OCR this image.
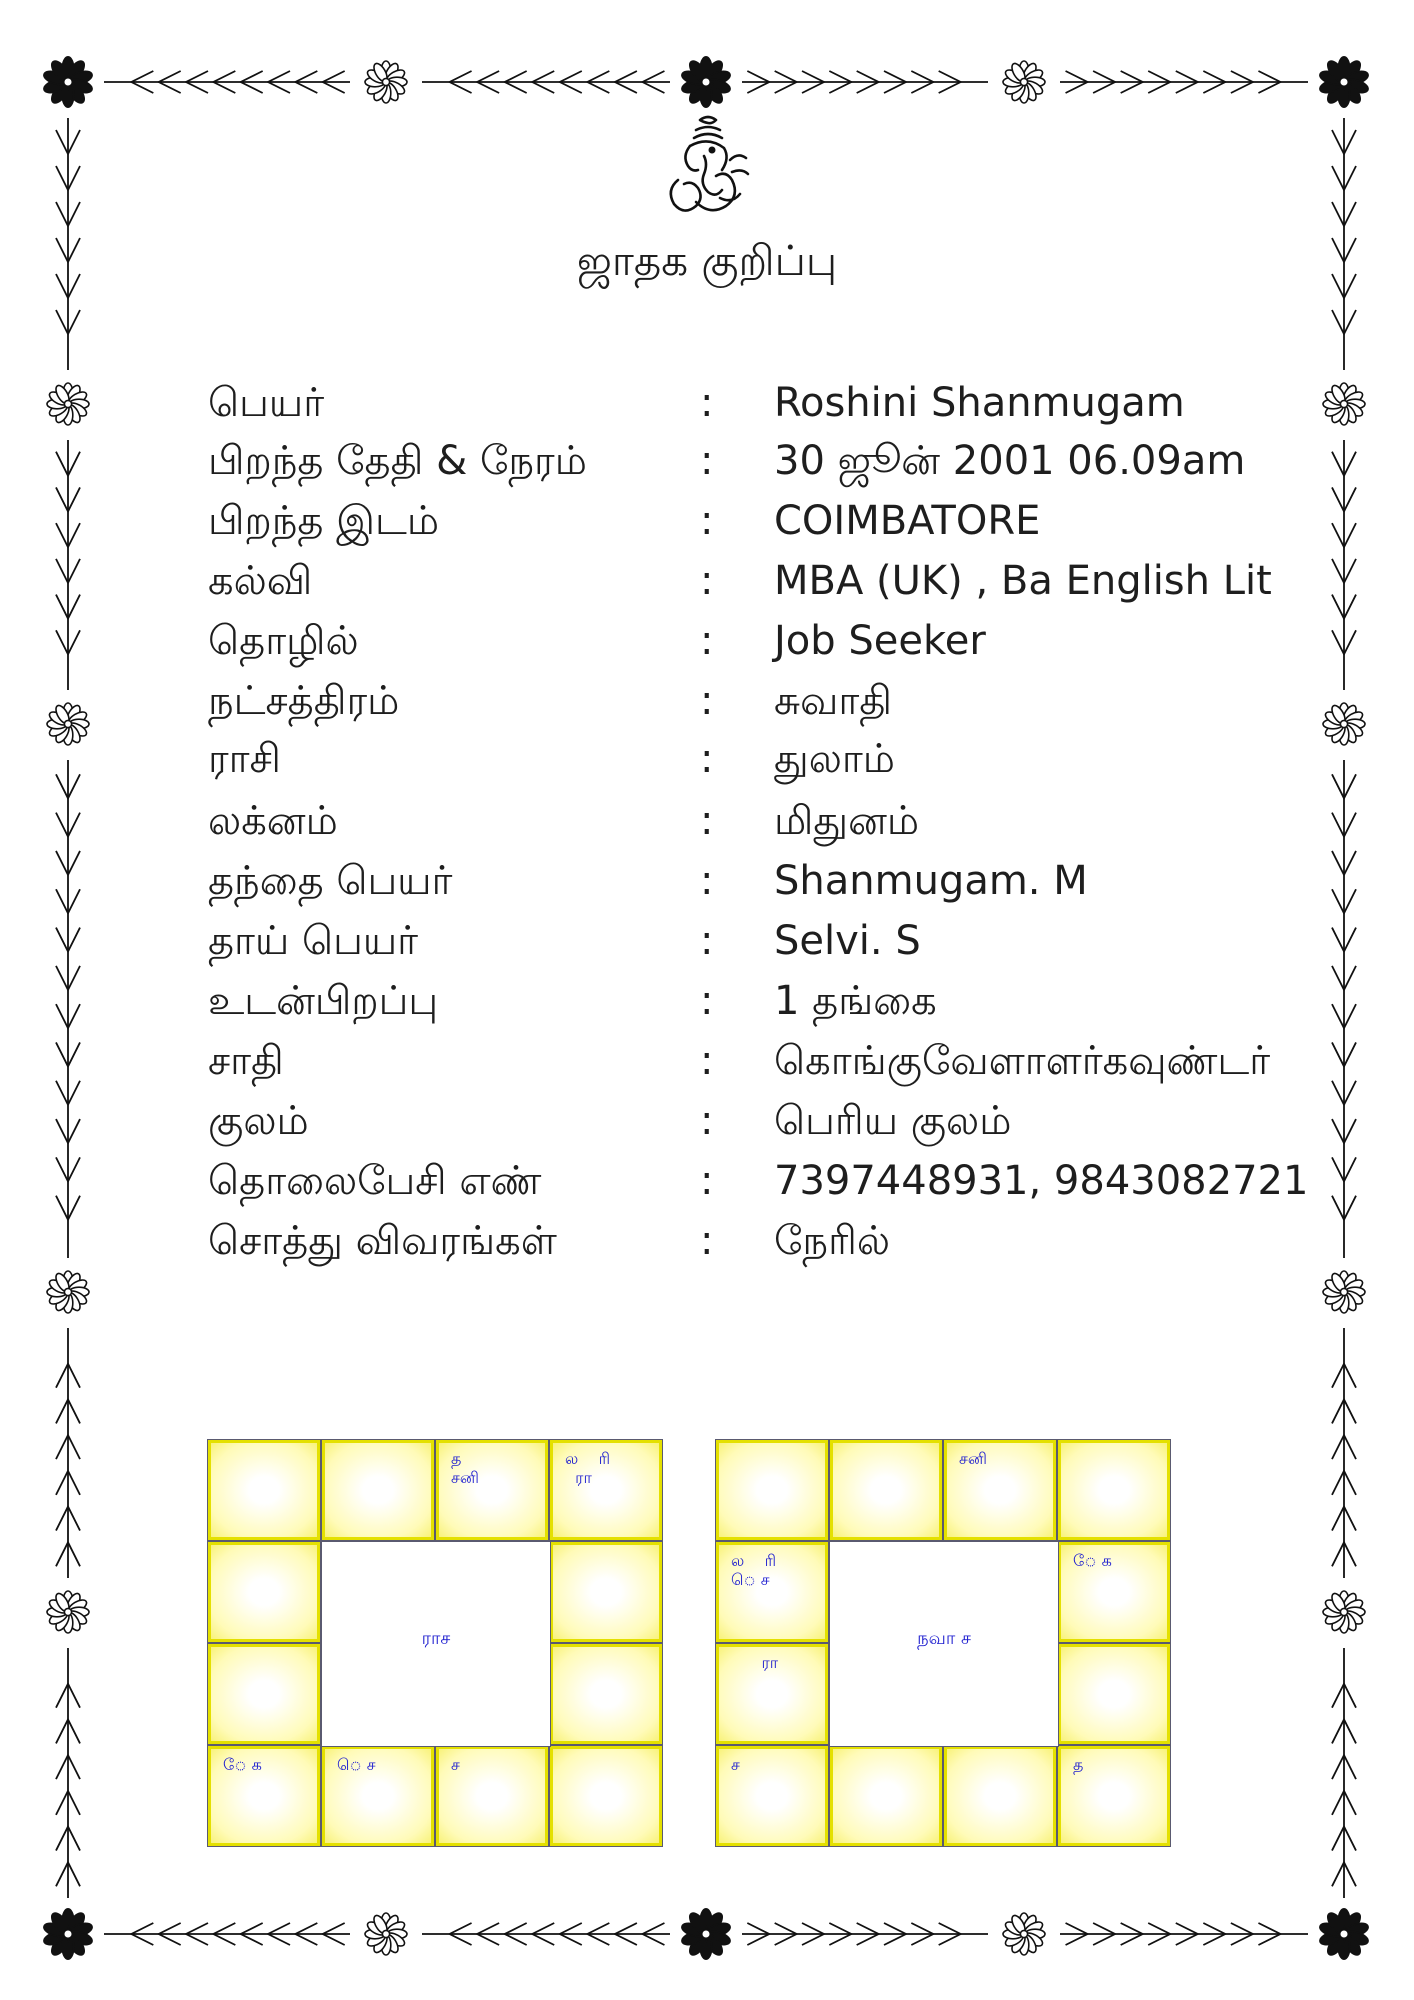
ஜாதக குறிப்பு
பெயர்	: Roshini Shanmugam
பிறந்த தேதி & நேரம்	: 30 ஜூன் 2001 06.09am
பிறந்த இடம்	: COIMBATORE
கல்வி	: MBA (UK) , Ba English Lit
தொழில்	: Job Seeker
நட்சத்திரம்	: சுவாதி
ராசி	: துலாம்
லக்னம்	: மிதுனம்
தந்தை பெயர்	: Shanmugam. M
தாய் பெயர்	: Selvi. S
உடன்பிறப்பு	: 1 தங்கை
சாதி	: கொங்குவேளாளர்கவுண்டர்
குலம்	: பெரிய குலம்
தொலைபேசி எண்	: 7397448931, 9843082721
சொத்து விவரங்கள்	: நேரில்
த
சனி
ல    ரி
ரா
ே க	ெ ச	ச
ராச
சனி
ே க
ச	த
ல    ரி
ெ ச
ரா
நவா ச
